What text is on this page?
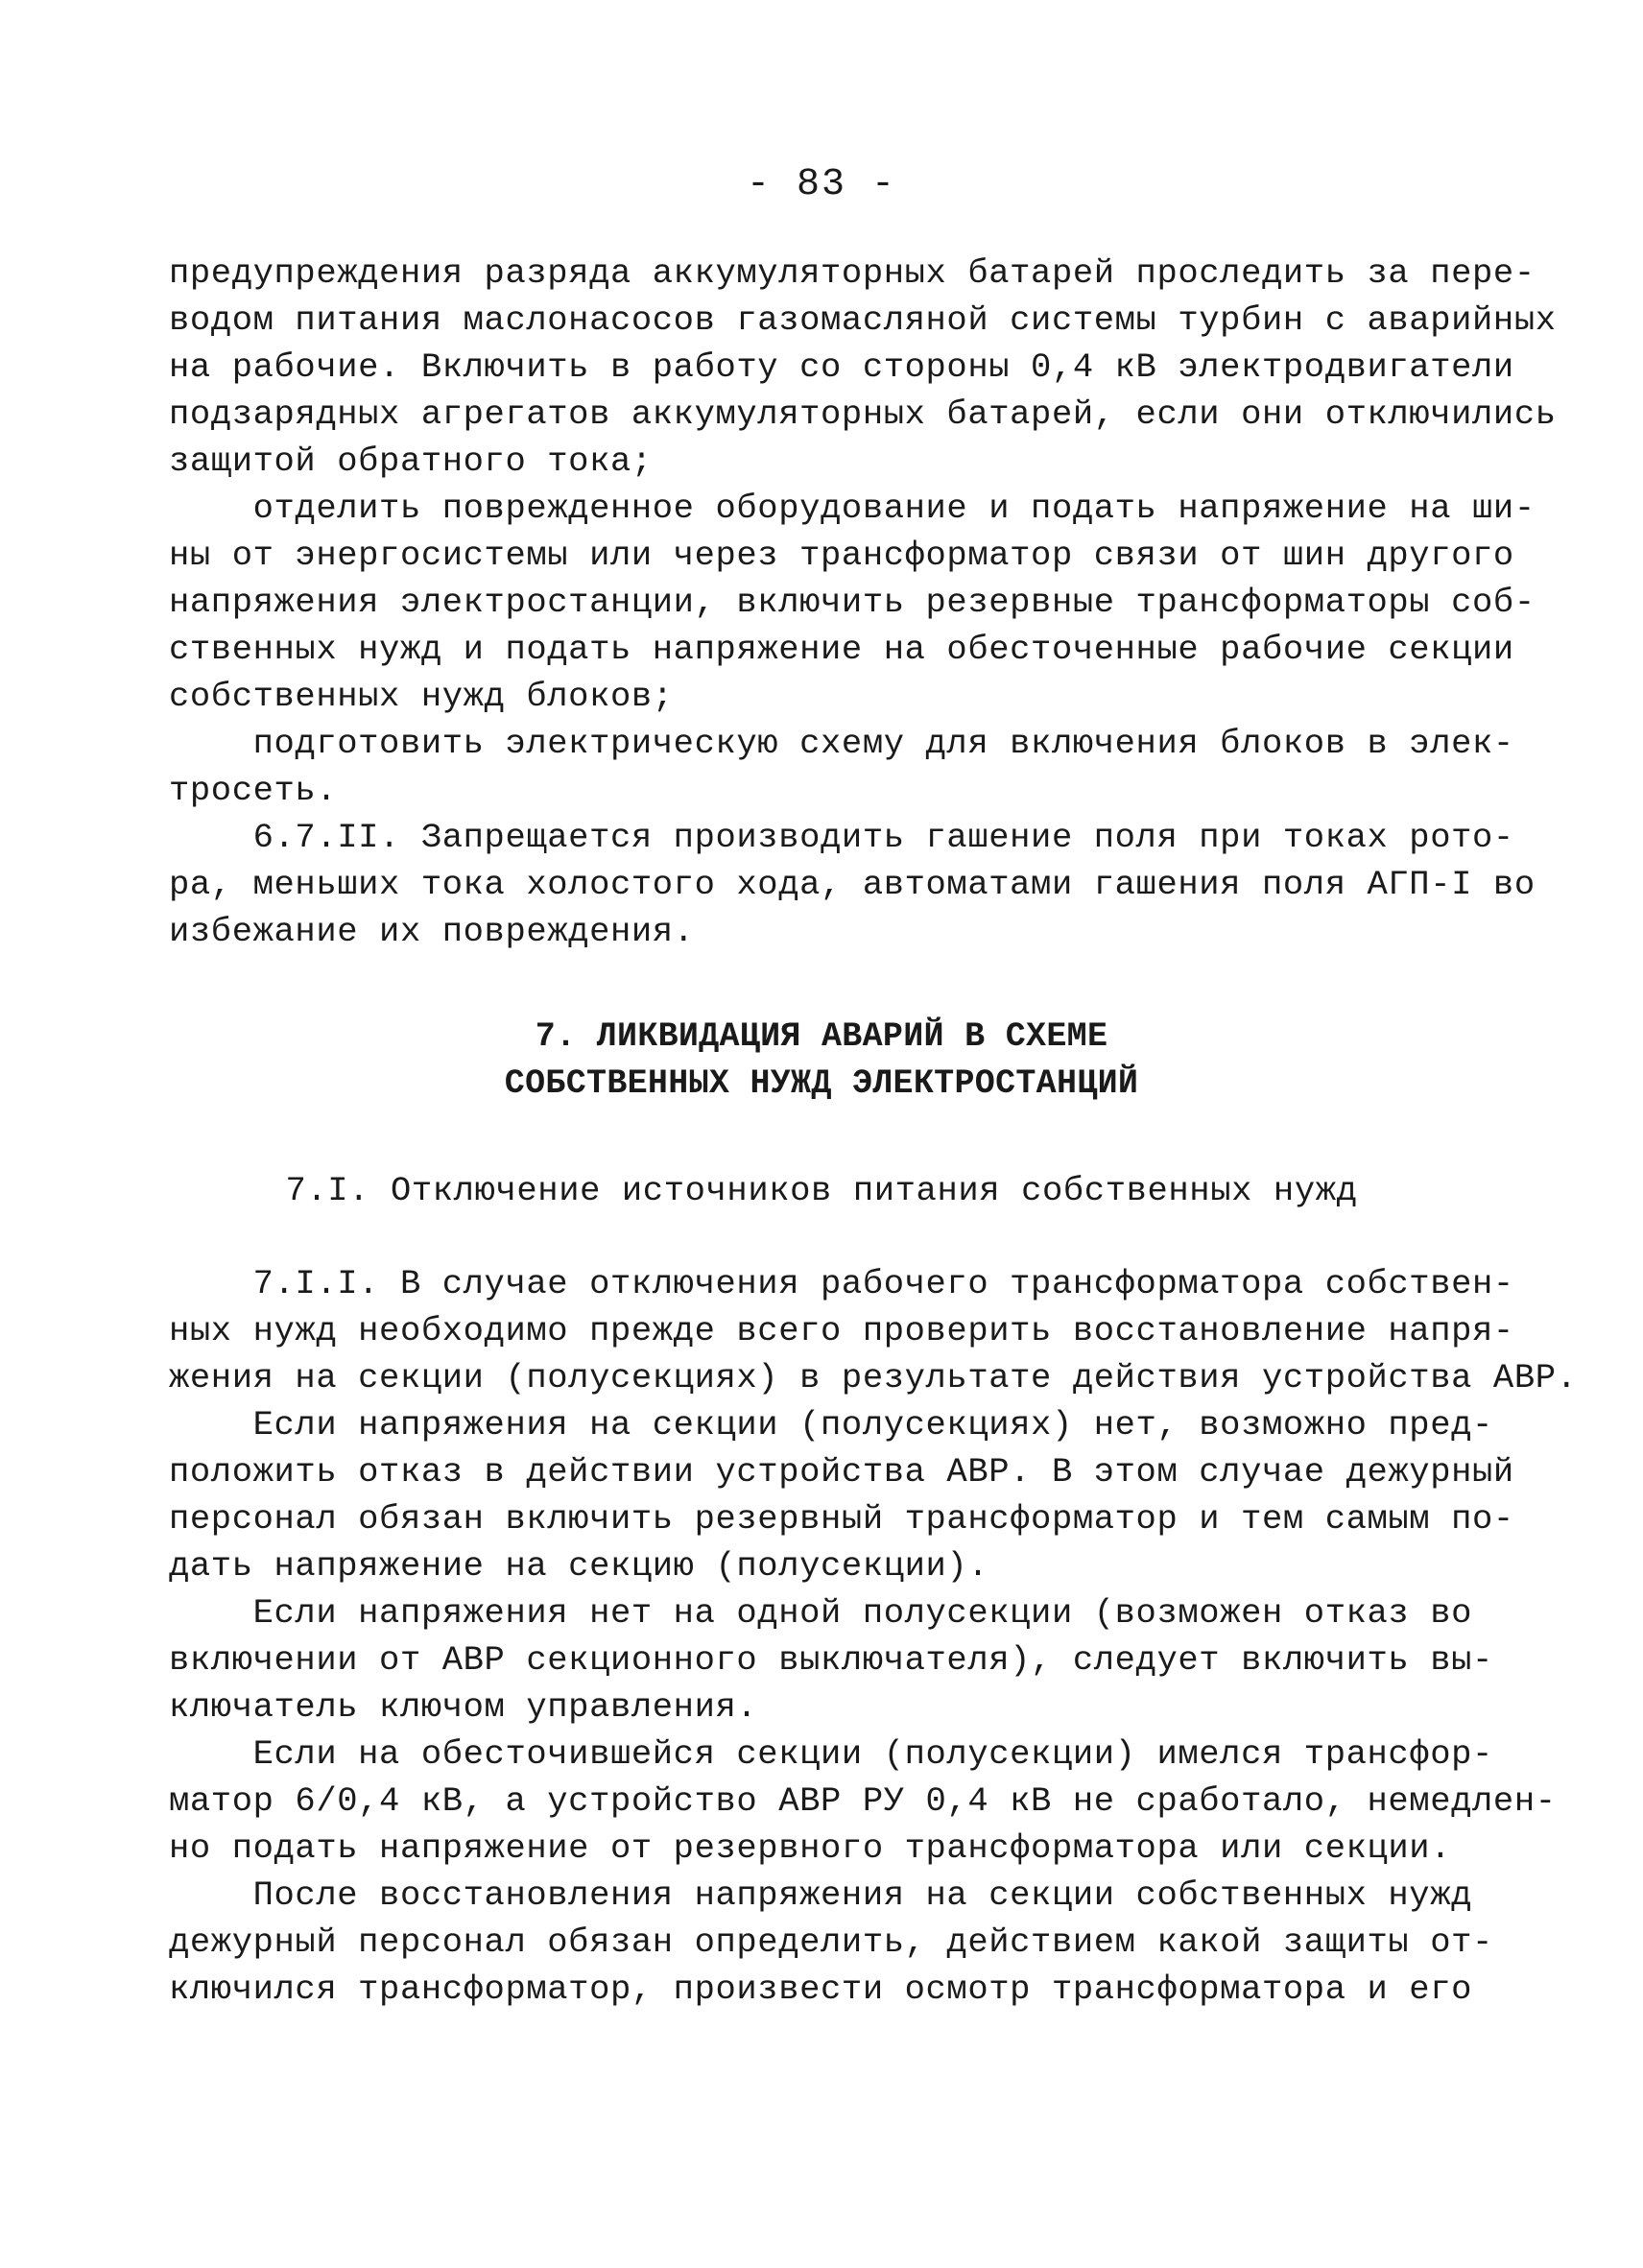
- 83 -
предупреждения разряда аккумуляторных батарей проследить за пере-
водом питания маслонасосов газомасляной системы турбин с аварийных
на рабочие. Включить в работу со стороны 0,4 кВ электродвигатели
подзарядных агрегатов аккумуляторных батарей, если они отключились
защитой обратного тока;
отделить поврежденное оборудование и подать напряжение на ши-
ны от энергосистемы или через трансформатор связи от шин другого
напряжения электростанции, включить резервные трансформаторы соб-
ственных нужд и подать напряжение на обесточенные рабочие секции
собственных нужд блоков;
подготовить электрическую схему для включения блоков в элек-
тросеть.
6.7.II. Запрещается производить гашение поля при токах рото-
ра, меньших тока холостого хода, автоматами гашения поля АГП-I во
избежание их повреждения.
7. ЛИКВИДАЦИЯ АВАРИЙ В СХЕМЕ
СОБСТВЕННЫХ НУЖД ЭЛЕКТРОСТАНЦИЙ
7.I. Отключение источников питания собственных нужд
7.I.I. В случае отключения рабочего трансформатора собствен-
ных нужд необходимо прежде всего проверить восстановление напря-
жения на секции (полусекциях) в результате действия устройства АВР.
Если напряжения на секции (полусекциях) нет, возможно пред-
положить отказ в действии устройства АВР. В этом случае дежурный
персонал обязан включить резервный трансформатор и тем самым по-
дать напряжение на секцию (полусекции).
Если напряжения нет на одной полусекции (возможен отказ во
включении от АВР секционного выключателя), следует включить вы-
ключатель ключом управления.
Если на обесточившейся секции (полусекции) имелся трансфор-
матор 6/0,4 кВ, а устройство АВР РУ 0,4 кВ не сработало, немедлен-
но подать напряжение от резервного трансформатора или секции.
После восстановления напряжения на секции собственных нужд
дежурный персонал обязан определить, действием какой защиты от-
ключился трансформатор, произвести осмотр трансформатора и его
